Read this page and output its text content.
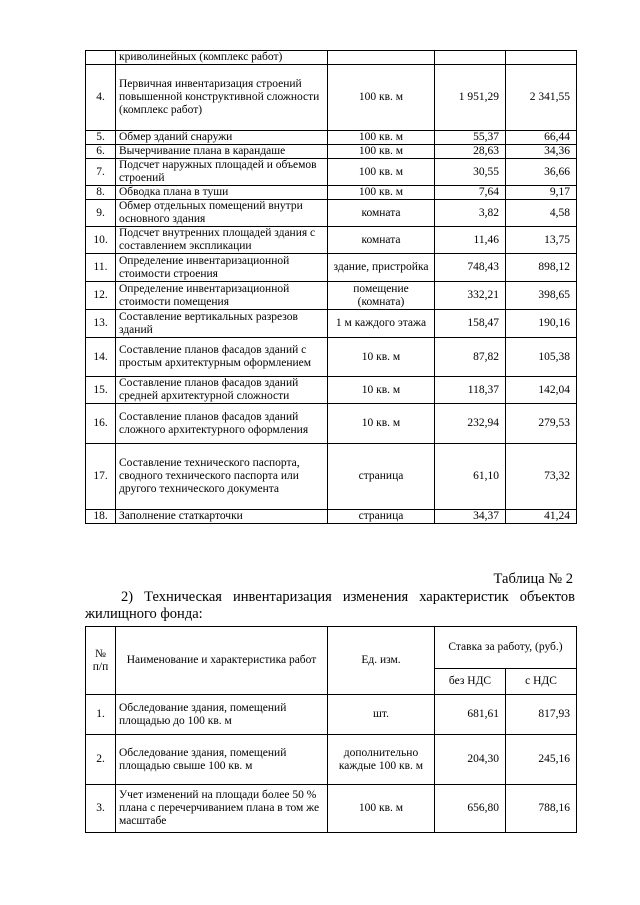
	криволинейных (комплекс работ)			
4.	Первичная инвентаризация строений повышенной конструктивной сложности (комплекс работ)	100 кв. м	1 951,29	2 341,55
5.	Обмер зданий снаружи	100 кв. м	55,37	66,44
6.	Вычерчивание плана в карандаше	100 кв. м	28,63	34,36
7.	Подсчет наружных площадей и объемов строений	100 кв. м	30,55	36,66
8.	Обводка плана в туши	100 кв. м	7,64	9,17
9.	Обмер отдельных помещений внутри основного здания	комната	3,82	4,58
10.	Подсчет внутренних площадей здания с составлением экспликации	комната	11,46	13,75
11.	Определение инвентаризационной стоимости строения	здание, пристройка	748,43	898,12
12.	Определение инвентаризационной стоимости помещения	помещение (комната)	332,21	398,65
13.	Составление вертикальных разрезов зданий	1 м каждого этажа	158,47	190,16
14.	Составление планов фасадов зданий с простым архитектурным оформлением	10 кв. м	87,82	105,38
15.	Составление планов фасадов зданий средней архитектурной сложности	10 кв. м	118,37	142,04
16.	Составление планов фасадов зданий сложного архитектурного оформления	10 кв. м	232,94	279,53
17.	Составление технического паспорта, сводного технического паспорта или другого технического документа	страница	61,10	73,32
18.	Заполнение статкарточки	страница	34,37	41,24
Таблица № 2
2) Техническая инвентаризация изменения характеристик объектов жилищного фонда:
№ п/п	Наименование и характеристика работ	Ед. изм.	Ставка за работу, (руб.)	
			без НДС	с НДС
1.	Обследование здания, помещений площадью до 100 кв. м	шт.	681,61	817,93
2.	Обследование здания, помещений площадью свыше 100 кв. м	дополнительно каждые 100 кв. м	204,30	245,16
3.	Учет изменений на площади более 50 % плана с перечерчиванием плана в том же масштабе	100 кв. м	656,80	788,16
